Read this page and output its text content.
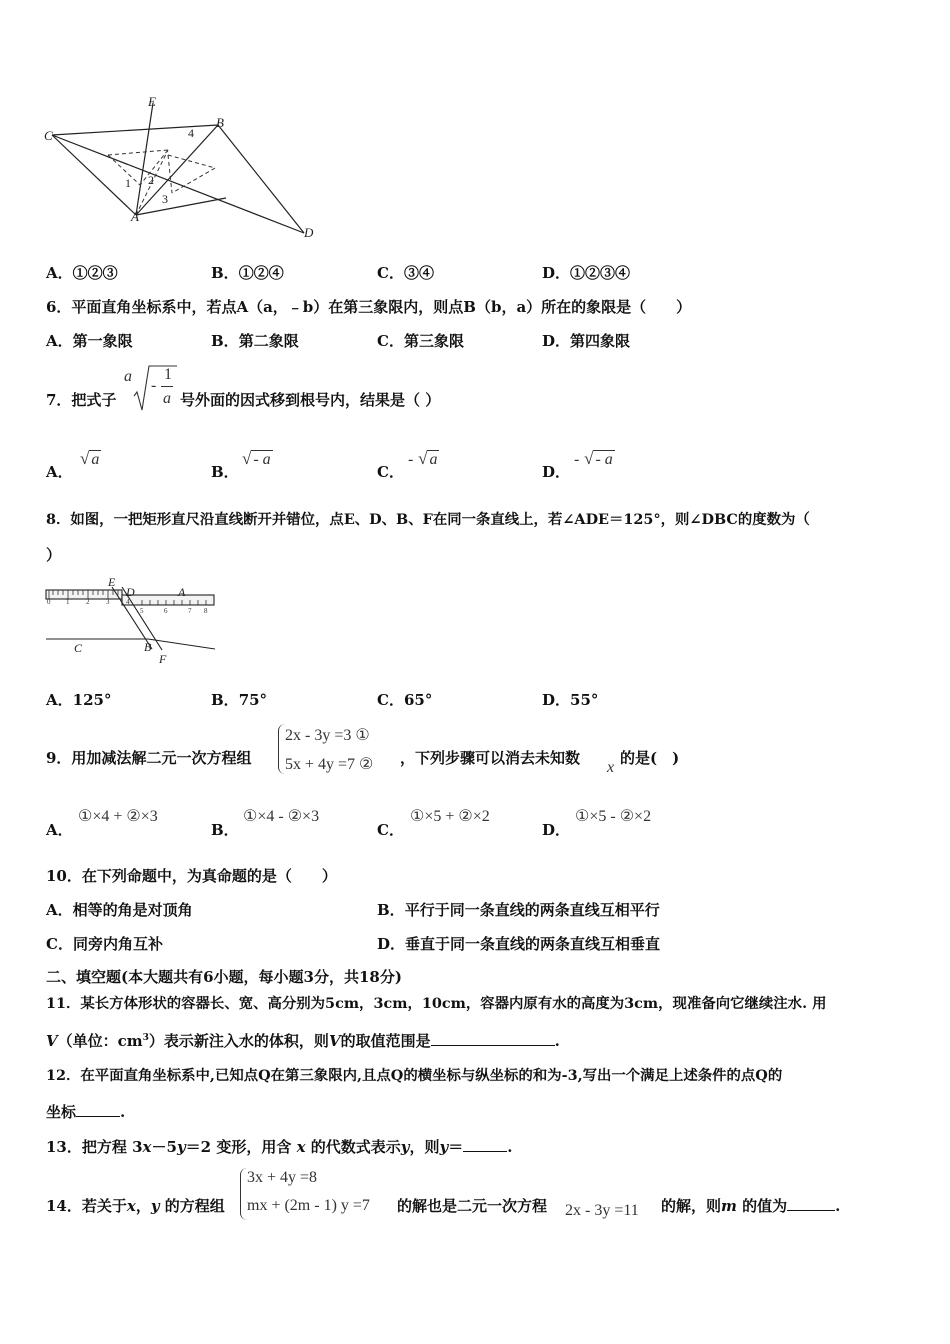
E
B
C
D
A
1 2
3
4
A．①②③	B．①②④	C．③④	D．①②③④
6．平面直角坐标系中，若点A（a，﹣b）在第三象限内，则点B（b，a）所在的象限是（　　）
A．第一象限	B．第二象限	C．第三象限	D．第四象限
7．把式子
a
-
1
a 号外面的因式移到根号内，结果是（ ）
A．
√ a
B．
√ - a
C．
- √ a
D．
- √ - a
8．如图，一把矩形直尺沿直线断开并错位，点E、D、B、F在同一条直线上，若∠ADE＝125°，则∠DBC的度数为（
）
0 1 2 3 4
5	6	7 8
E
D	A
C	B
F
A．125°	B．75°	C．65°	D．55°
9．用加减法解二元一次方程组
2x - 3y =3 ①
5x + 4y =7 ② ，下列步骤可以消去未知数
x
的是(　)
A．
①×4 + ②×3
B．
①×4 - ②×3
C．
①×5 + ②×2
D．
①×5 - ②×2
10．在下列命题中，为真命题的是（　　）
A．相等的角是对顶角	B．平行于同一条直线的两条直线互相平行
C．同旁内角互补	D．垂直于同一条直线的两条直线互相垂直
二、填空题(本大题共有6小题，每小题3分，共18分)
11．某长方体形状的容器长、宽、高分别为5cm，3cm，10cm，容器内原有水的高度为3cm，现准备向它继续注水. 用
V（单位：$cm^3$）表示新注入水的体积，则V的取值范围是	.
12．在平面直角坐标系中,已知点Q在第三象限内,且点Q的横坐标与纵坐标的和为-3,写出一个满足上述条件的点Q的
坐标	.
13．把方程 3x－5y＝2 变形，用含 x 的代数式表示y，则y＝	.
14．若关于x，y 的方程组
3x + 4y =8
mx + (2m - 1) y =7 的解也是二元一次方程 2x - 3y =11 的解，则m 的值为	.
